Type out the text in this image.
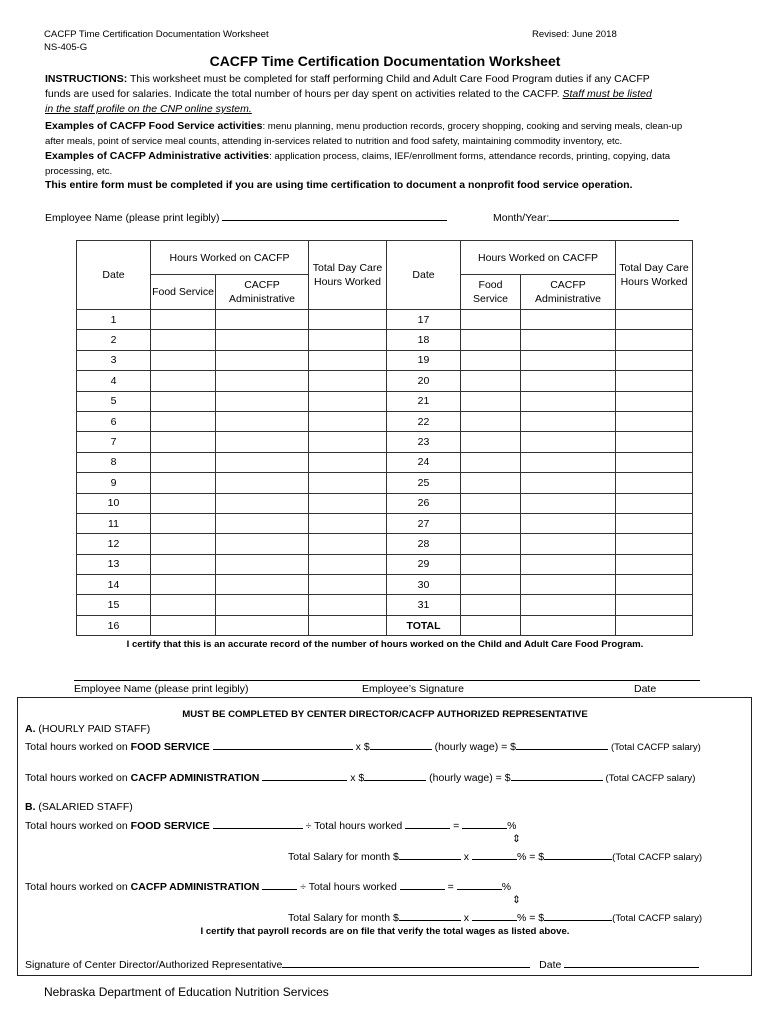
CACFP Time Certification Documentation Worksheet
NS-405-G
Revised: June 2018
CACFP Time Certification Documentation Worksheet
INSTRUCTIONS: This worksheet must be completed for staff performing Child and Adult Care Food Program duties if any CACFP
funds are used for salaries. Indicate the total number of hours per day spent on activities related to the CACFP. Staff must be listed
in the staff profile on the CNP online system.
Examples of CACFP Food Service activities: menu planning, menu production records, grocery shopping, cooking and serving meals, clean-up
after meals, point of service meal counts, attending in-services related to nutrition and food safety, maintaining commodity inventory, etc.
Examples of CACFP Administrative activities: application process, claims, IEF/enrollment forms, attendance records, printing, copying, data
processing, etc.
This entire form must be completed if you are using time certification to document a nonprofit food service operation.
Employee Name (please print legibly)	Month/Year:
Date	Hours Worked on CACFP		Total Day Care Hours Worked	Date	Hours Worked on CACFP		Total Day Care Hours Worked
	Food Service	CACFP Administrative			Food Service	CACFP Administrative	
1				17			
2				18			
3				19			
4				20			
5				21			
6				22			
7				23			
8				24			
9				25			
10				26			
11				27			
12				28			
13				29			
14				30			
15				31			
16				TOTAL			
I certify that this is an accurate record of the number of hours worked on the Child and Adult Care Food Program.
Employee Name (please print legibly)	Employee’s Signature	Date
MUST BE COMPLETED BY CENTER DIRECTOR/CACFP AUTHORIZED REPRESENTATIVE
A. (HOURLY PAID STAFF)
Total hours worked on FOOD SERVICE	x $	(hourly wage) = $	(Total CACFP salary)
Total hours worked on CACFP ADMINISTRATION	x $	(hourly wage) = $	(Total CACFP salary)
B. (SALARIED STAFF)
Total hours worked on FOOD SERVICE	÷ Total hours worked	=	%
⇕
Total Salary for month $	x	% = $	(Total CACFP salary)
Total hours worked on CACFP ADMINISTRATION	÷ Total hours worked	=	%
⇕
Total Salary for month $	x	% = $	(Total CACFP salary)
I certify that payroll records are on file that verify the total wages as listed above.
Signature of Center Director/Authorized Representative	Date
Nebraska Department of Education Nutrition Services
